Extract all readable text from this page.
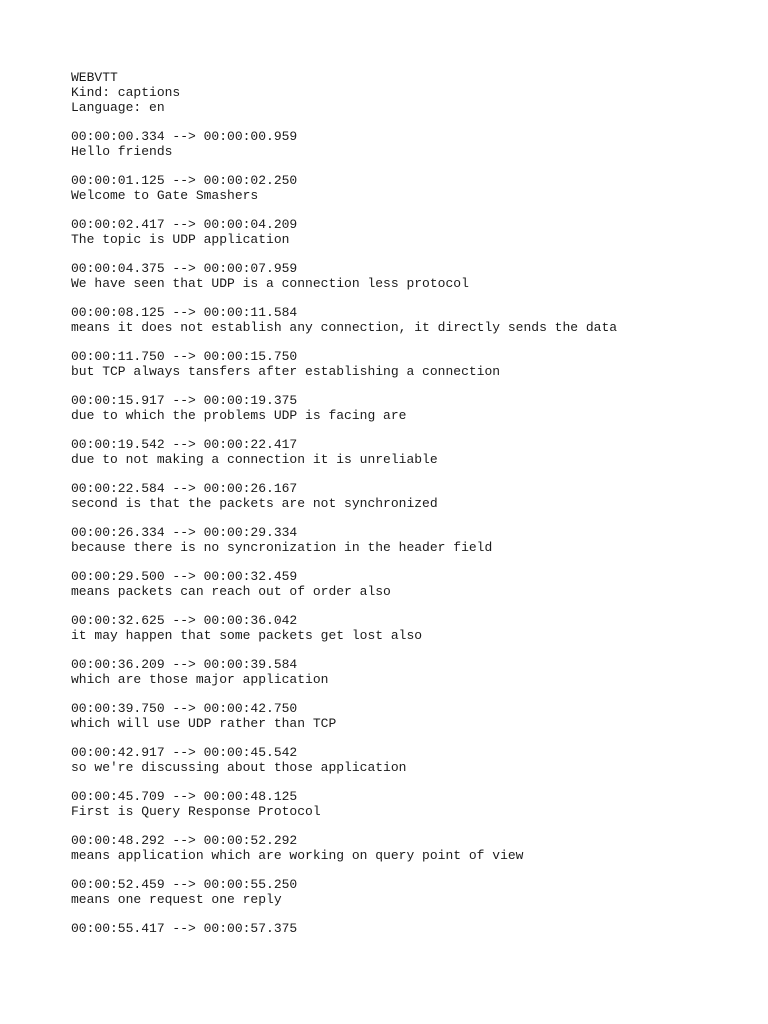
WEBVTT
Kind: captions
Language: en
00:00:00.334 --> 00:00:00.959
Hello friends
00:00:01.125 --> 00:00:02.250
Welcome to Gate Smashers
00:00:02.417 --> 00:00:04.209
The topic is UDP application
00:00:04.375 --> 00:00:07.959
We have seen that UDP is a connection less protocol
00:00:08.125 --> 00:00:11.584
means it does not establish any connection, it directly sends the data
00:00:11.750 --> 00:00:15.750
but TCP always tansfers after establishing a connection
00:00:15.917 --> 00:00:19.375
due to which the problems UDP is facing are
00:00:19.542 --> 00:00:22.417
due to not making a connection it is unreliable
00:00:22.584 --> 00:00:26.167
second is that the packets are not synchronized
00:00:26.334 --> 00:00:29.334
because there is no syncronization in the header field
00:00:29.500 --> 00:00:32.459
means packets can reach out of order also
00:00:32.625 --> 00:00:36.042
it may happen that some packets get lost also
00:00:36.209 --> 00:00:39.584
which are those major application
00:00:39.750 --> 00:00:42.750
which will use UDP rather than TCP
00:00:42.917 --> 00:00:45.542
so we're discussing about those application
00:00:45.709 --> 00:00:48.125
First is Query Response Protocol
00:00:48.292 --> 00:00:52.292
means application which are working on query point of view
00:00:52.459 --> 00:00:55.250
means one request one reply
00:00:55.417 --> 00:00:57.375
